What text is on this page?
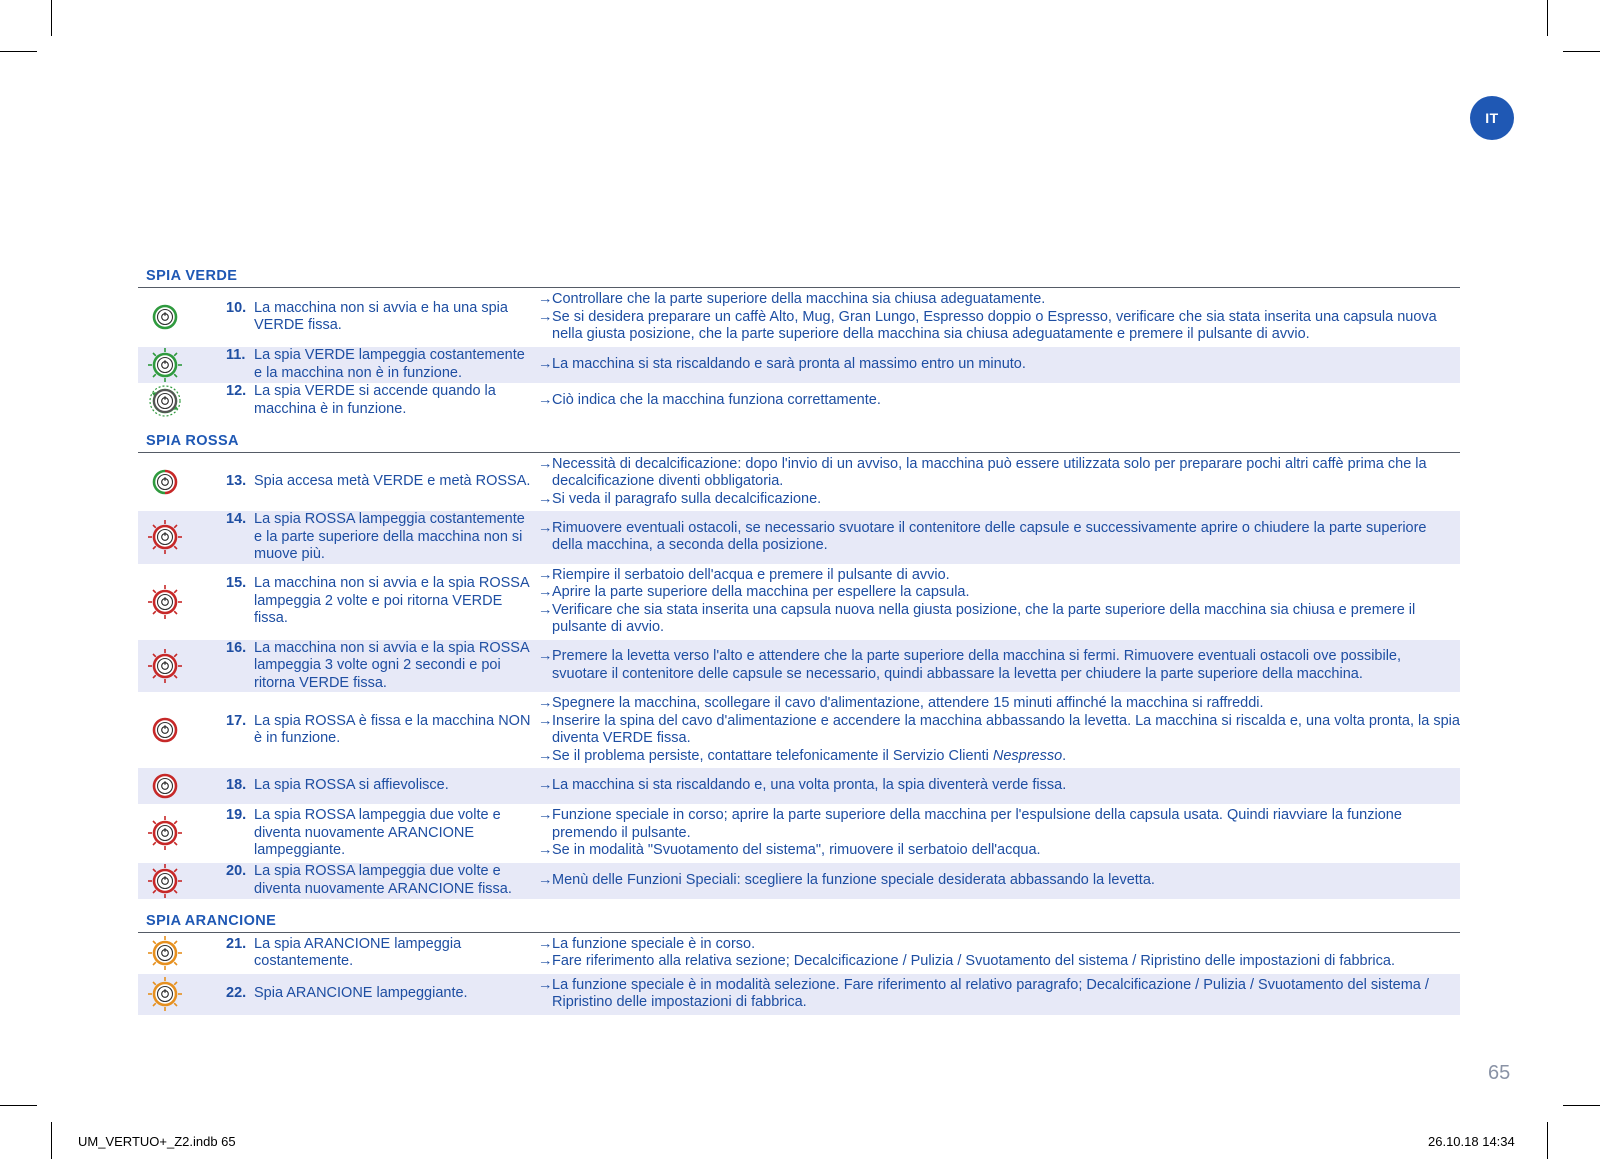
IT
SPIA VERDE
10. La macchina non si avvia e ha una spia VERDE fissa.
→Controllare che la parte superiore della macchina sia chiusa adeguatamente.
→Se si desidera preparare un caffè Alto, Mug, Gran Lungo, Espresso doppio o Espresso, verificare che sia stata inserita una capsula nuova nella giusta posizione, che la parte superiore della macchina sia chiusa adeguatamente e premere il pulsante di avvio.
11. La spia VERDE lampeggia costantemente e la macchina non è in funzione.
→La macchina si sta riscaldando e sarà pronta al massimo entro un minuto.
12. La spia VERDE si accende quando la macchina è in funzione.
→Ciò indica che la macchina funziona correttamente.
SPIA ROSSA
13. Spia accesa metà VERDE e metà ROSSA.
→Necessità di decalcificazione: dopo l'invio di un avviso, la macchina può essere utilizzata solo per preparare pochi altri caffè prima che la decalcificazione diventi obbligatoria.
→Si veda il paragrafo sulla decalcificazione.
14. La spia ROSSA lampeggia costantemente e la parte superiore della macchina non si muove più.
→Rimuovere eventuali ostacoli, se necessario svuotare il contenitore delle capsule e successivamente aprire o chiudere la parte superiore della macchina, a seconda della posizione.
15. La macchina non si avvia e la spia ROSSA lampeggia 2 volte e poi ritorna VERDE fissa.
→Riempire il serbatoio dell'acqua e premere il pulsante di avvio.
→Aprire la parte superiore della macchina per espellere la capsula.
→Verificare che sia stata inserita una capsula nuova nella giusta posizione, che la parte superiore della macchina sia chiusa e premere il pulsante di avvio.
16. La macchina non si avvia e la spia ROSSA lampeggia 3 volte ogni 2 secondi e poi ritorna VERDE fissa.
→Premere la levetta verso l'alto e attendere che la parte superiore della macchina si fermi. Rimuovere eventuali ostacoli ove possibile, svuotare il contenitore delle capsule se necessario, quindi abbassare la levetta per chiudere la parte superiore della macchina.
17. La spia ROSSA è fissa e la macchina NON è in funzione.
→Spegnere la macchina, scollegare il cavo d'alimentazione, attendere 15 minuti affinché la macchina si raffreddi.
→Inserire la spina del cavo d'alimentazione e accendere la macchina abbassando la levetta. La macchina si riscalda e, una volta pronta, la spia diventa VERDE fissa.
→Se il problema persiste, contattare telefonicamente il Servizio Clienti Nespresso.
18. La spia ROSSA si affievolisce.	→La macchina si sta riscaldando e, una volta pronta, la spia diventerà verde fissa.
19. La spia ROSSA lampeggia due volte e diventa nuovamente ARANCIONE lampeggiante.
→Funzione speciale in corso; aprire la parte superiore della macchina per l'espulsione della capsula usata. Quindi riavviare la funzione premendo il pulsante.
→Se in modalità "Svuotamento del sistema", rimuovere il serbatoio dell'acqua.
20. La spia ROSSA lampeggia due volte e diventa nuovamente ARANCIONE fissa.
→Menù delle Funzioni Speciali: scegliere la funzione speciale desiderata abbassando la levetta.
SPIA ARANCIONE
21. La spia ARANCIONE lampeggia costantemente.
→La funzione speciale è in corso.
→Fare riferimento alla relativa sezione; Decalcificazione / Pulizia / Svuotamento del sistema / Ripristino delle impostazioni di fabbrica.
22. Spia ARANCIONE lampeggiante.
→La funzione speciale è in modalità selezione. Fare riferimento al relativo paragrafo; Decalcificazione / Pulizia / Svuotamento del sistema / Ripristino delle impostazioni di fabbrica.
65
UM_VERTUO+_Z2.indb 65	26.10.18 14:34
